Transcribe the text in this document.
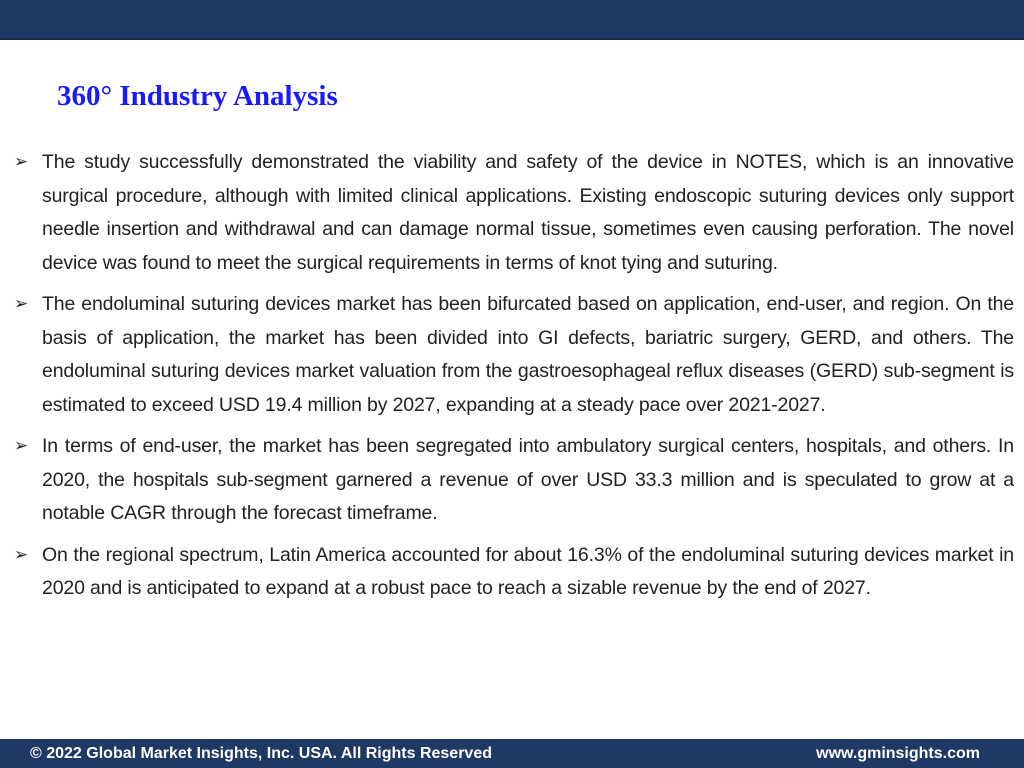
360° Industry Analysis
➢ The study successfully demonstrated the viability and safety of the device in NOTES, which is an innovative surgical procedure, although with limited clinical applications. Existing endoscopic suturing devices only support needle insertion and withdrawal and can damage normal tissue, sometimes even causing perforation. The novel device was found to meet the surgical requirements in terms of knot tying and suturing.
➢ The endoluminal suturing devices market has been bifurcated based on application, end-user, and region. On the basis of application, the market has been divided into GI defects, bariatric surgery, GERD, and others. The endoluminal suturing devices market valuation from the gastroesophageal reflux diseases (GERD) sub-segment is estimated to exceed USD 19.4 million by 2027, expanding at a steady pace over 2021-2027.
➢ In terms of end-user, the market has been segregated into ambulatory surgical centers, hospitals, and others. In 2020, the hospitals sub-segment garnered a revenue of over USD 33.3 million and is speculated to grow at a notable CAGR through the forecast timeframe.
➢ On the regional spectrum, Latin America accounted for about 16.3% of the endoluminal suturing devices market in 2020 and is anticipated to expand at a robust pace to reach a sizable revenue by the end of 2027.
© 2022 Global Market Insights, Inc. USA. All Rights Reserved	www.gminsights.com
